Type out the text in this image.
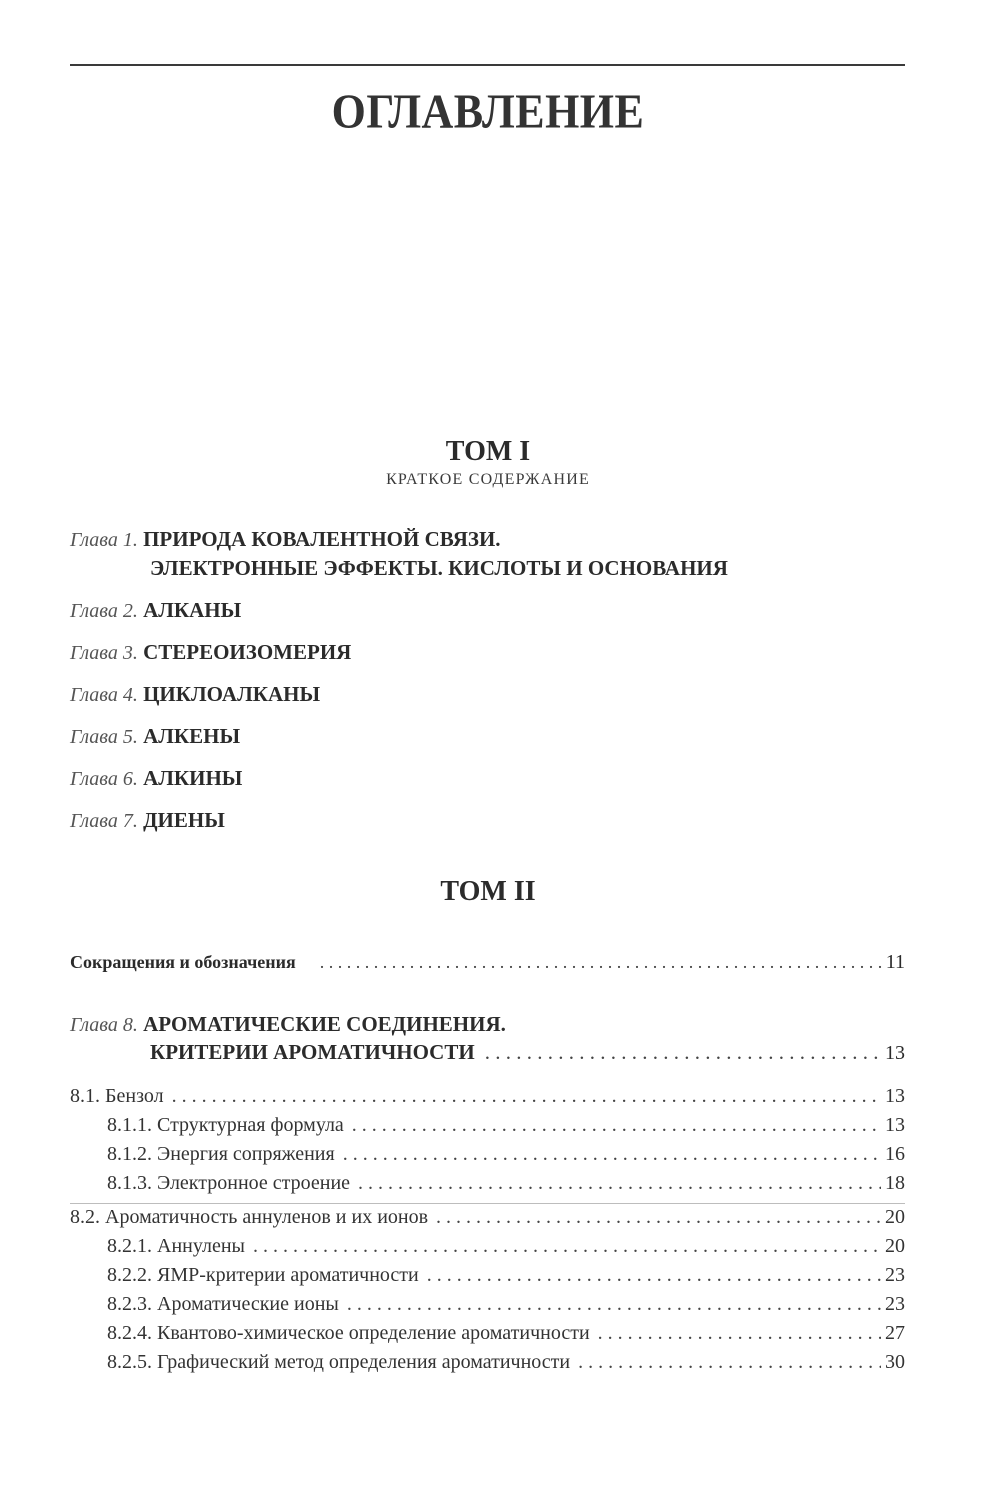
ОГЛАВЛЕНИЕ
ТОМ I
КРАТКОЕ СОДЕРЖАНИЕ
Глава 1. ПРИРОДА КОВАЛЕНТНОЙ СВЯЗИ.
ЭЛЕКТРОННЫЕ ЭФФЕКТЫ. КИСЛОТЫ И ОСНОВАНИЯ
Глава 2. АЛКАНЫ
Глава 3. СТЕРЕОИЗОМЕРИЯ
Глава 4. ЦИКЛОАЛКАНЫ
Глава 5. АЛКЕНЫ
Глава 6. АЛКИНЫ
Глава 7. ДИЕНЫ
ТОМ II
Сокращения и обозначения . . .	11
Глава 8. АРОМАТИЧЕСКИЕ СОЕДИНЕНИЯ.
КРИТЕРИИ АРОМАТИЧНОСТИ . . .	13
8.1. Бензол . . .	13
8.1.1. Структурная формула . . .	13
8.1.2. Энергия сопряжения . . .	16
8.1.3. Электронное строение . . .	18
8.2. Ароматичность аннуленов и их ионов . . .	20
8.2.1. Аннулены . . .	20
8.2.2. ЯМР-критерии ароматичности . . .	23
8.2.3. Ароматические ионы . . .	23
8.2.4. Квантово-химическое определение ароматичности . . .	27
8.2.5. Графический метод определения ароматичности . . .	30
